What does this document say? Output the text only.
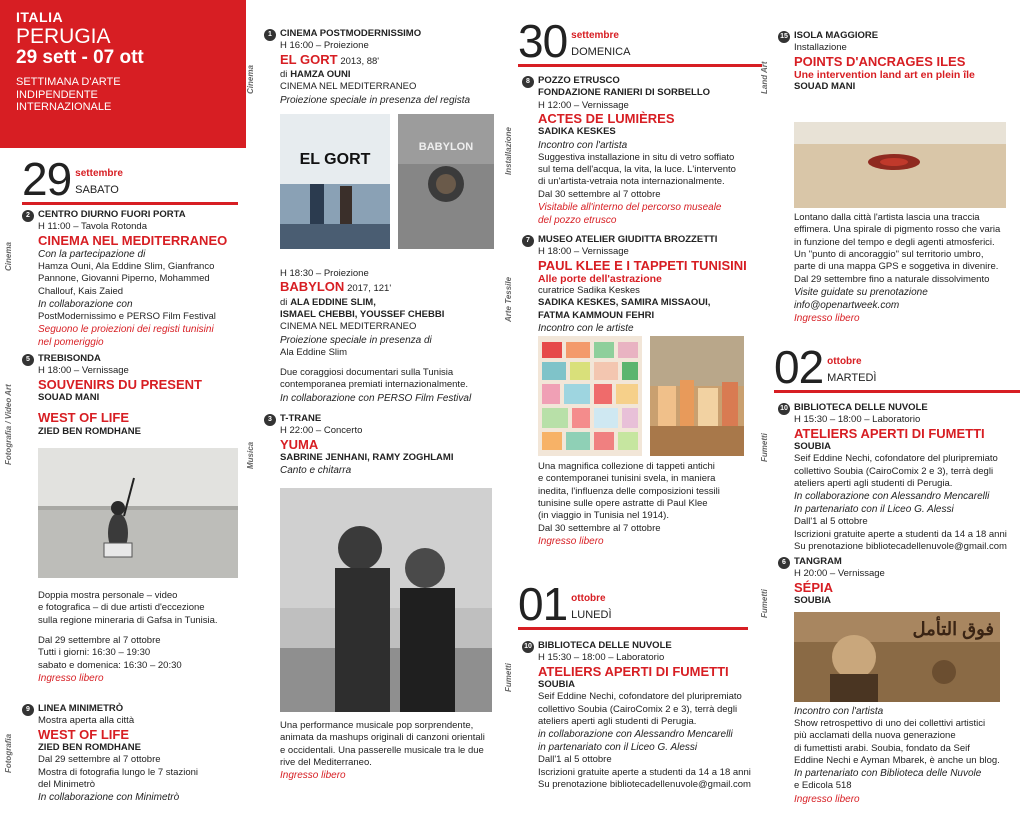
ITALIA
PERUGIA
29 sett - 07 ott
SETTIMANA D'ARTE
INDIPENDENTE
INTERNAZIONALE
29 settembre
SABATO
2
Cinema
CENTRO DIURNO FUORI PORTA
H 11:00 – Tavola Rotonda
CINEMA NEL MEDITERRANEO
Con la partecipazione di
Hamza Ouni, Ala Eddine Slim, Gianfranco
Pannone, Giovanni Piperno, Mohammed
Challouf, Kais Zaied
In collaborazione con
PostModernissimo e PERSO Film Festival
Seguono le proiezioni dei registi tunisini
nel pomeriggio
5
Fotografia / Video Art
TREBISONDA
H 18:00 – Vernissage
SOUVENIRS DU PRESENT
SOUAD MANI
WEST OF LIFE
ZIED BEN ROMDHANE
Doppia mostra personale – video
e fotografica – di due artisti d'eccezione
sulla regione mineraria di Gafsa in Tunisia.
Dal 29 settembre al 7 ottobre
Tutti i giorni: 16:30 – 19:30
sabato e domenica: 16:30 – 20:30
Ingresso libero
9
Fotografia
LINEA MINIMETRÒ
Mostra aperta alla città
WEST OF LIFE
ZIED BEN ROMDHANE
Dal 29 settembre al 7 ottobre
Mostra di fotografia lungo le 7 stazioni
del Minimetrò
In collaborazione con Minimetrò
1
Cinema
CINEMA POSTMODERNISSIMO
H 16:00 – Proiezione
EL GORT 2013, 88'
di HAMZA OUNI
CINEMA NEL MEDITERRANEO
Proiezione speciale in presenza del regista
EL GORT
BABYLON
H 18:30 – Proiezione
BABYLON 2017, 121'
di ALA EDDINE SLIM,
ISMAEL CHEBBI, YOUSSEF CHEBBI
CINEMA NEL MEDITERRANEO
Proiezione speciale in presenza di
Ala Eddine Slim
Due coraggiosi documentari sulla Tunisia
contemporanea premiati internazionalmente.
In collaborazione con PERSO Film Festival
3
Musica
T-TRANE
H 22:00 – Concerto
YUMA
SABRINE JENHANI, RAMY ZOGHLAMI
Canto e chitarra
Una performance musicale pop sorprendente,
animata da mashups originali di canzoni orientali
e occidentali. Una passerelle musicale tra le due
rive del Mediterraneo.
Ingresso libero
30 settembre
DOMENICA
8
Installazione
POZZO ETRUSCO
FONDAZIONE RANIERI DI SORBELLO
H 12:00 – Vernissage
ACTES DE LUMIÈRES
SADIKA KESKES
Incontro con l'artista
Suggestiva installazione in situ di vetro soffiato
sul tema dell'acqua, la vita, la luce. L'intervento
di un'artista-vetraia nota internazionalmente.
Dal 30 settembre al 7 ottobre
Visitabile all'interno del percorso museale
del pozzo etrusco
7
Arte Tessile
MUSEO ATELIER GIUDITTA BROZZETTI
H 18:00 – Vernissage
PAUL KLEE E I TAPPETI TUNISINI
Alle porte dell'astrazione
curatrice Sadika Keskes
SADIKA KESKES, SAMIRA MISSAOUI,
FATMA KAMMOUN FEHRI
Incontro con le artiste
Una magnifica collezione di tappeti antichi
e contemporanei tunisini svela, in maniera
inedita, l'influenza delle composizioni tessili
tunisine sulle opere astratte di Paul Klee
(in viaggio in Tunisia nel 1914).
Dal 30 settembre al 7 ottobre
Ingresso libero
01 ottobre
LUNEDÌ
10
Fumetti
BIBLIOTECA DELLE NUVOLE
H 15:30 – 18:00 – Laboratorio
ATELIERS APERTI DI FUMETTI
SOUBIA
Seif Eddine Nechi, cofondatore del pluripremiato
collettivo Soubia (CairoComix 2 e 3), terrà degli
ateliers aperti agli studenti di Perugia.
in collaborazione con Alessandro Mencarelli
in partenariato con il Liceo G. Alessi
Dall'1 al 5 ottobre
Iscrizioni gratuite aperte a studenti da 14 a 18 anni
Su prenotazione bibliotecadellenuvole@gmail.com
15
Land Art
ISOLA MAGGIORE
Installazione
POINTS D'ANCRAGES ILES
Une intervention land art en plein île
SOUAD MANI
Lontano dalla città l'artista lascia una traccia
effimera. Una spirale di pigmento rosso che varia
in funzione del tempo e degli agenti atmosferici.
Un "punto di ancoraggio" sul territorio umbro,
parte di una mappa GPS e soggetiva in divenire.
Dal 29 settembre fino a naturale dissolvimento
Visite guidate su prenotazione
info@openartweek.com
Ingresso libero
02 ottobre
MARTEDÌ
10
Fumetti
BIBLIOTECA DELLE NUVOLE
H 15:30 – 18:00 – Laboratorio
ATELIERS APERTI DI FUMETTI
SOUBIA
Seif Eddine Nechi, cofondatore del pluripremiato
collettivo Soubia (CairoComix 2 e 3), terrà degli
ateliers aperti agli studenti di Perugia.
In collaborazione con Alessandro Mencarelli
In partenariato con il Liceo G. Alessi
Dall'1 al 5 ottobre
Iscrizioni gratuite aperte a studenti da 14 a 18 anni
Su prenotazione bibliotecadellenuvole@gmail.com
6
Fumetti
TANGRAM
H 20:00 – Vernissage
SÉPIA
SOUBIA
فوق التأمل
Incontro con l'artista
Show retrospettivo di uno dei collettivi artistici
più acclamati della nuova generazione
di fumettisti arabi. Soubia, fondato da Seif
Eddine Nechi e Ayman Mbarek, è anche un blog.
In partenariato con Biblioteca delle Nuvole
e Edicola 518
Ingresso libero
